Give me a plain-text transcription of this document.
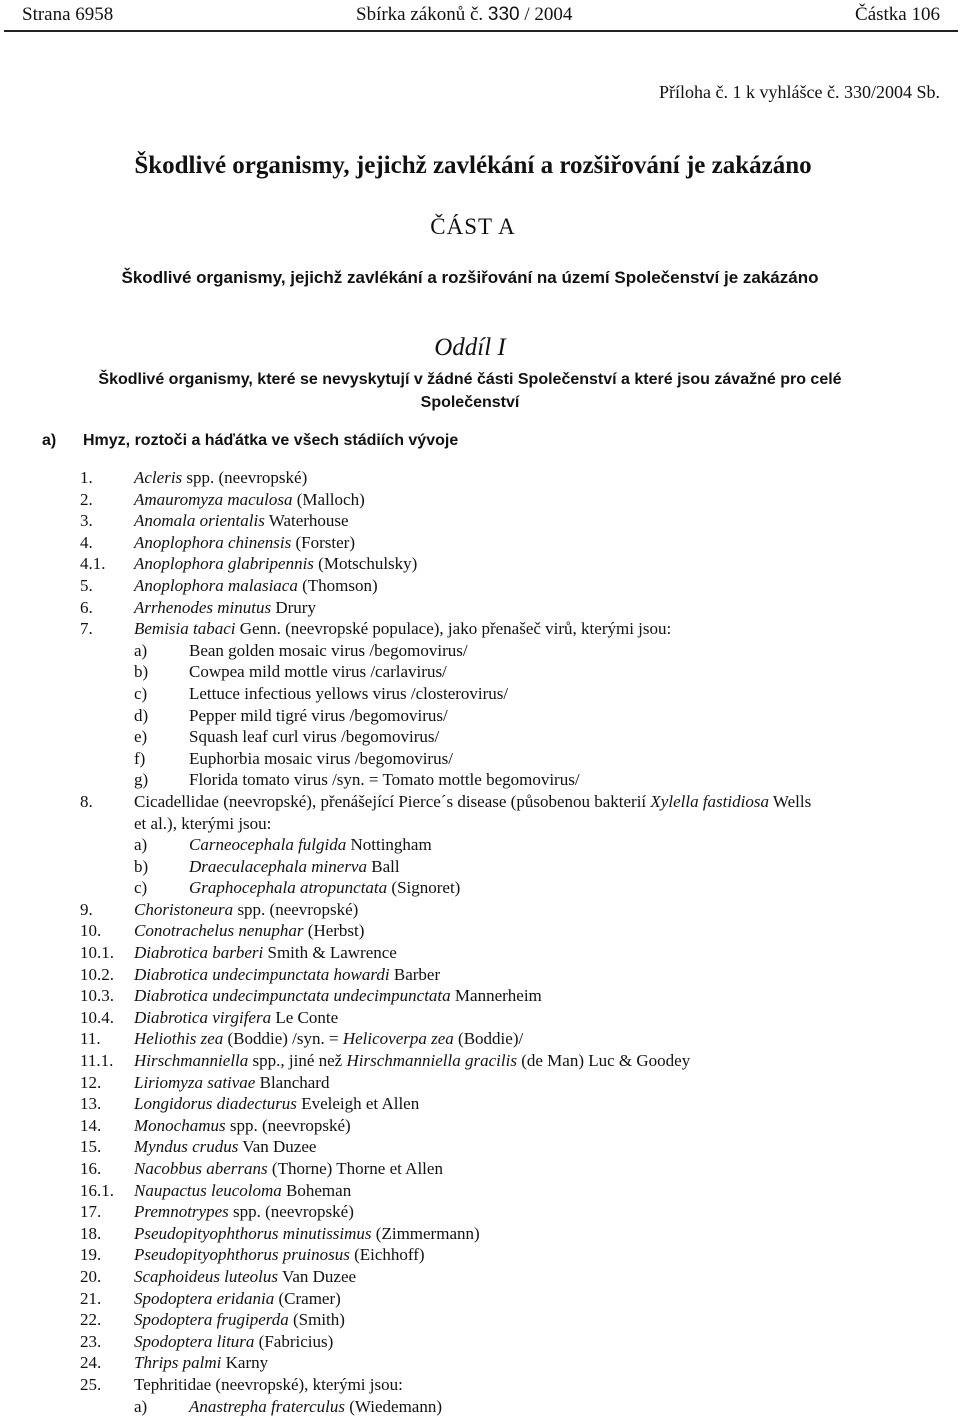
Strana 6958	Sbírka zákonů č. 330 / 2004	Částka 106
Příloha č. 1 k vyhlášce č. 330/2004 Sb.
Škodlivé organismy, jejichž zavlékání a rozšiřování je zakázáno
ČÁST A
Škodlivé organismy, jejichž zavlékání a rozšiřování na území Společenství je zakázáno
Oddíl I
Škodlivé organismy, které se nevyskytují v žádné části Společenství a které jsou závažné pro celé Společenství
a) Hmyz, roztoči a háďátka ve všech stádiích vývoje
1. Acleris spp. (neevropské)
2. Amauromyza maculosa (Malloch)
3. Anomala orientalis Waterhouse
4. Anoplophora chinensis (Forster)
4.1. Anoplophora glabripennis (Motschulsky)
5. Anoplophora malasiaca (Thomson)
6. Arrhenodes minutus Drury
7. Bemisia tabaci Genn. (neevropské populace), jako přenašeč virů, kterými jsou:
a) Bean golden mosaic virus /begomovirus/
b) Cowpea mild mottle virus /carlavirus/
c) Lettuce infectious yellows virus /closterovirus/
d) Pepper mild tigré virus /begomovirus/
e) Squash leaf curl virus /begomovirus/
f)	Euphorbia mosaic virus /begomovirus/
g) Florida tomato virus /syn. = Tomato mottle begomovirus/
8. Cicadellidae (neevropské), přenášející Pierce´s disease (působenou bakterií Xylella fastidiosa Wells
et al.), kterými jsou:
a) Carneocephala fulgida Nottingham
b) Draeculacephala minerva Ball
c) Graphocephala atropunctata (Signoret)
9. Choristoneura spp. (neevropské)
10. Conotrachelus nenuphar (Herbst)
10.1. Diabrotica barberi Smith & Lawrence
10.2. Diabrotica undecimpunctata howardi Barber
10.3. Diabrotica undecimpunctata undecimpunctata Mannerheim
10.4. Diabrotica virgifera Le Conte
11. Heliothis zea (Boddie) /syn. = Helicoverpa zea (Boddie)/
11.1. Hirschmanniella spp., jiné než Hirschmanniella gracilis (de Man) Luc & Goodey
12. Liriomyza sativae Blanchard
13. Longidorus diadecturus Eveleigh et Allen
14. Monochamus spp. (neevropské)
15. Myndus crudus Van Duzee
16. Nacobbus aberrans (Thorne) Thorne et Allen
16.1. Naupactus leucoloma Boheman
17. Premnotrypes spp. (neevropské)
18. Pseudopityophthorus minutissimus (Zimmermann)
19. Pseudopityophthorus pruinosus (Eichhoff)
20. Scaphoideus luteolus Van Duzee
21. Spodoptera eridania (Cramer)
22. Spodoptera frugiperda (Smith)
23. Spodoptera litura (Fabricius)
24. Thrips palmi Karny
25. Tephritidae (neevropské), kterými jsou:
a) Anastrepha fraterculus (Wiedemann)
